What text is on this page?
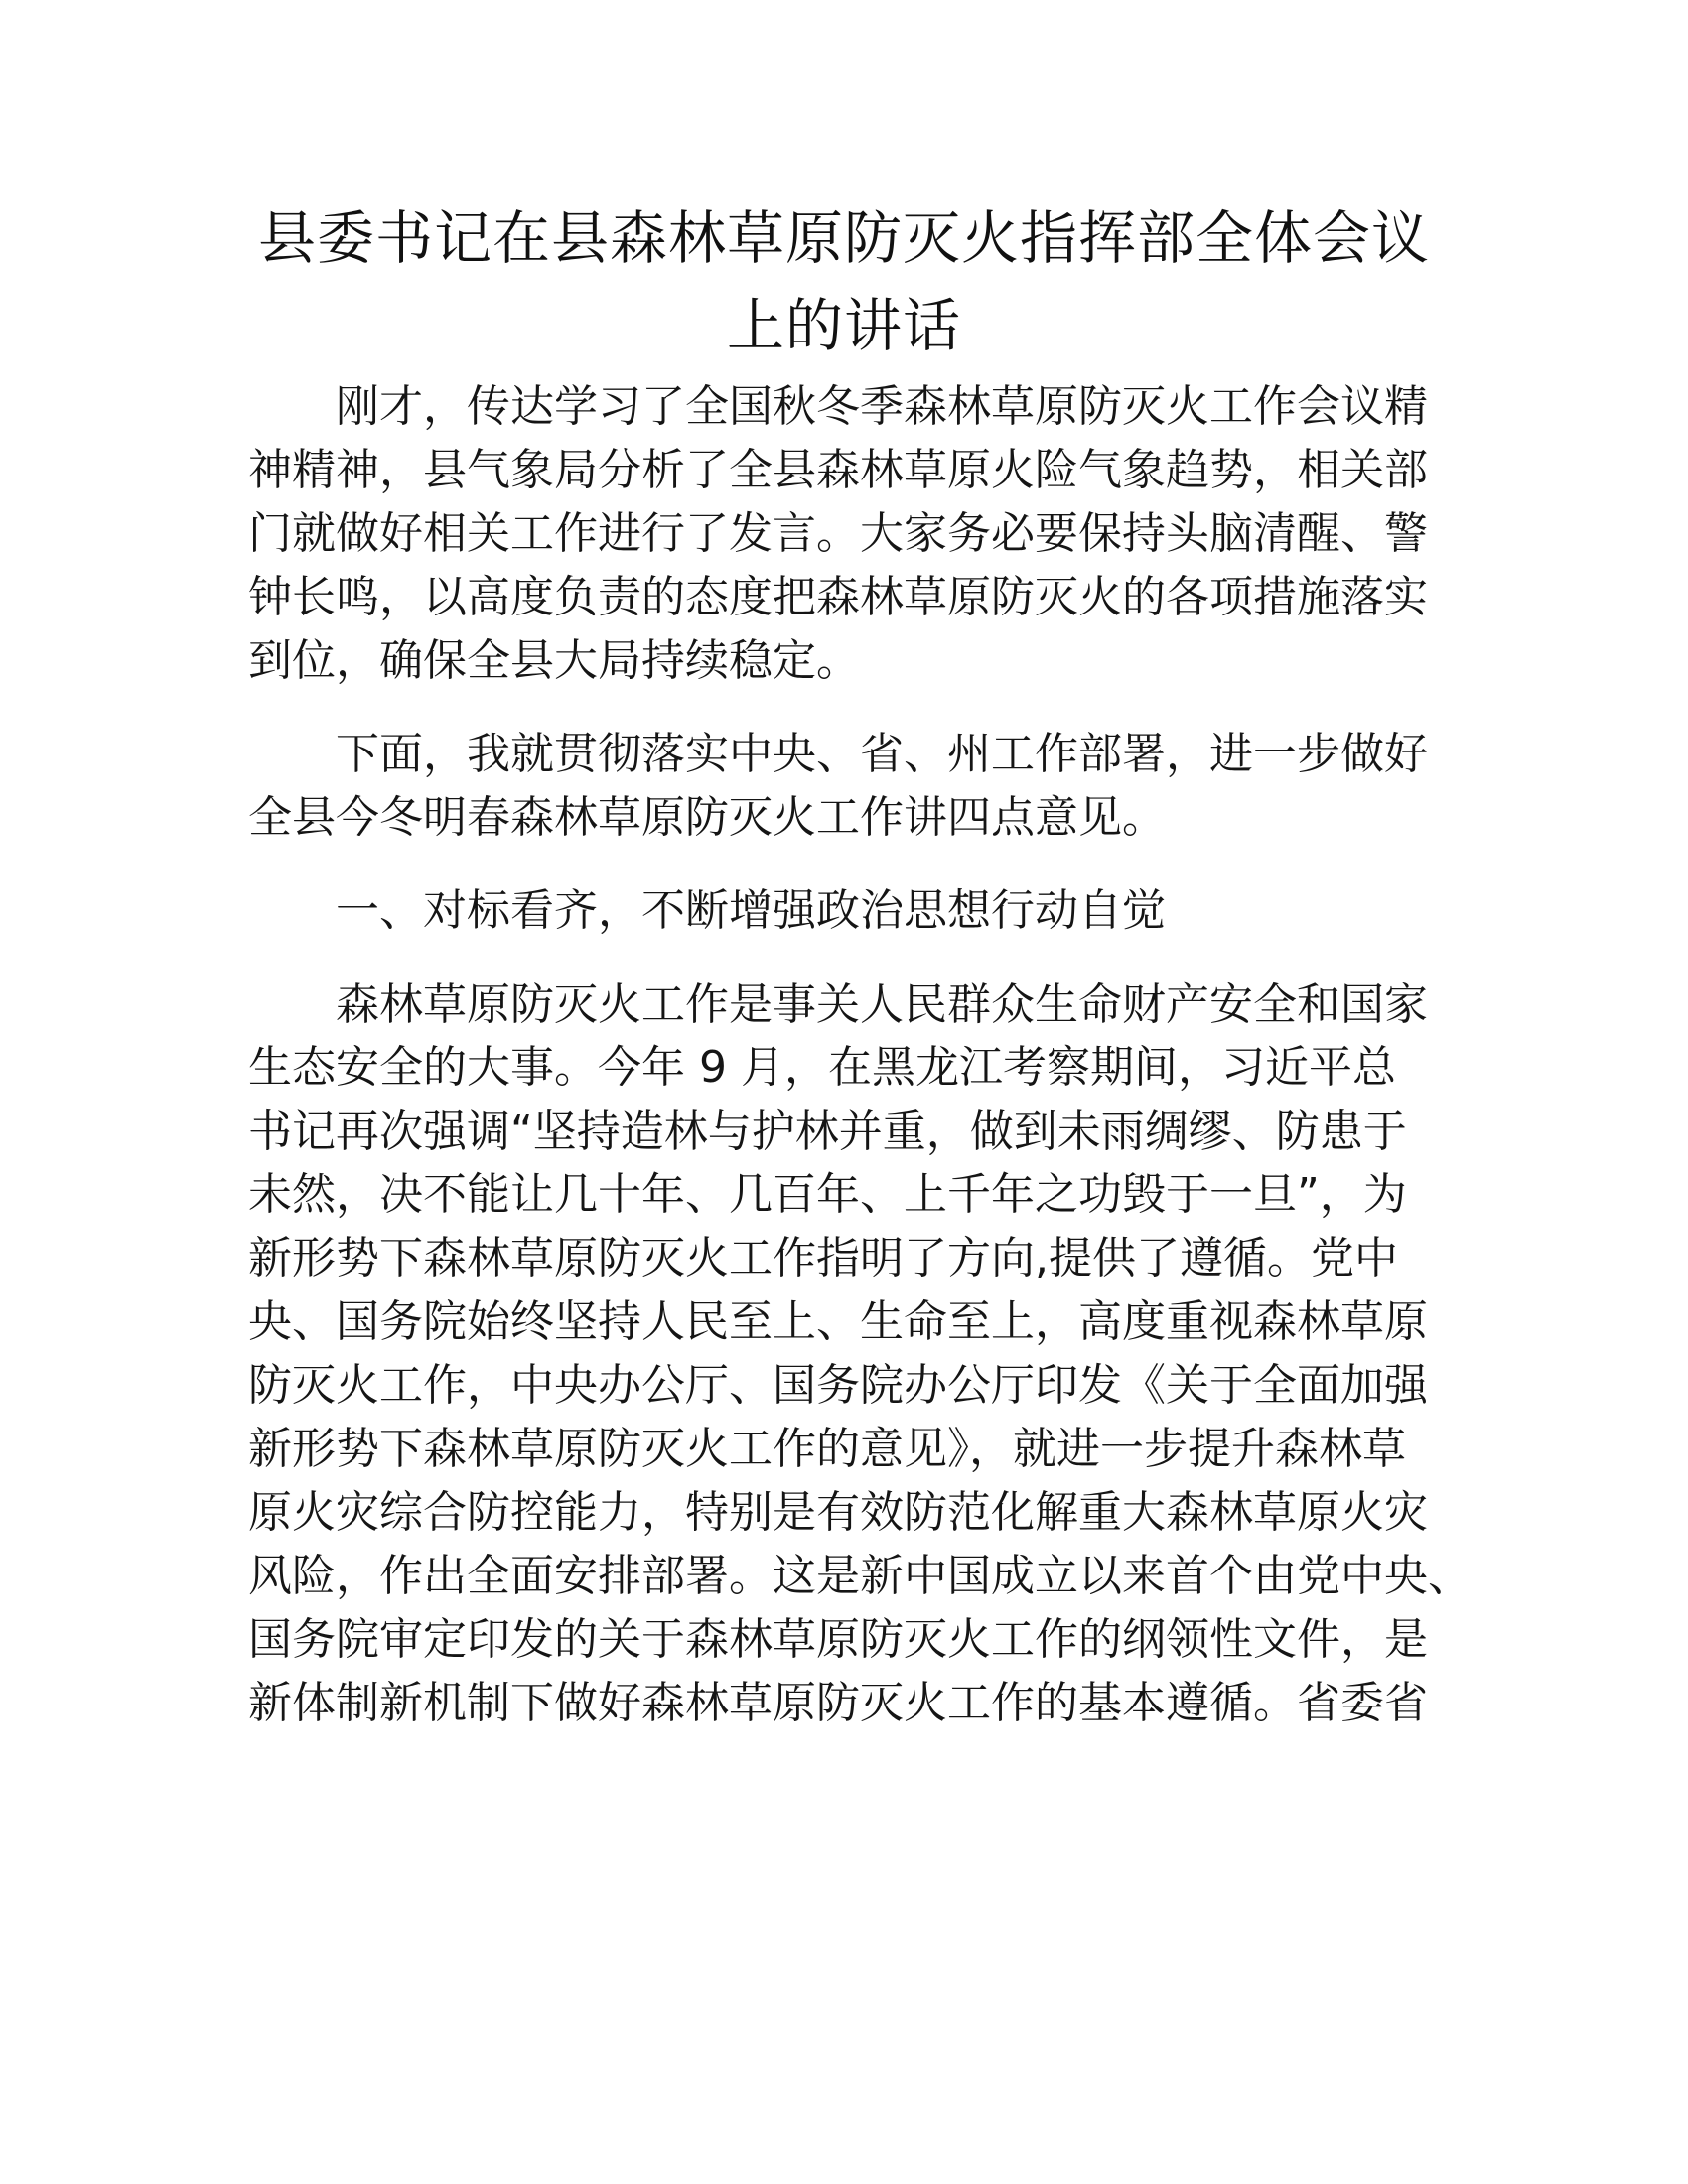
县委书记在县森林草原防灭火指挥部全体会议
上的讲话
刚才，传达学习了全国秋冬季森林草原防灭火工作会议精
神精神，县气象局分析了全县森林草原火险气象趋势，相关部
门就做好相关工作进行了发言。大家务必要保持头脑清醒、警
钟长鸣，以高度负责的态度把森林草原防灭火的各项措施落实
到位，确保全县大局持续稳定。
下面，我就贯彻落实中央、省、州工作部署，进一步做好
全县今冬明春森林草原防灭火工作讲四点意见。
一、对标看齐，不断增强政治思想行动自觉
森林草原防灭火工作是事关人民群众生命财产安全和国家
生态安全的大事。今年 9 月，在黑龙江考察期间，习近平总
书记再次强调“坚持造林与护林并重，做到未雨绸缪、防患于
未然，决不能让几十年、几百年、上千年之功毁于一旦”，为
新形势下森林草原防灭火工作指明了方向,提供了遵循。党中
央、国务院始终坚持人民至上、生命至上，高度重视森林草原
防灭火工作，中央办公厅、国务院办公厅印发《关于全面加强
新形势下森林草原防灭火工作的意见》，就进一步提升森林草
原火灾综合防控能力，特别是有效防范化解重大森林草原火灾
风险，作出全面安排部署。这是新中国成立以来首个由党中央、
国务院审定印发的关于森林草原防灭火工作的纲领性文件，是
新体制新机制下做好森林草原防灭火工作的基本遵循。省委省
